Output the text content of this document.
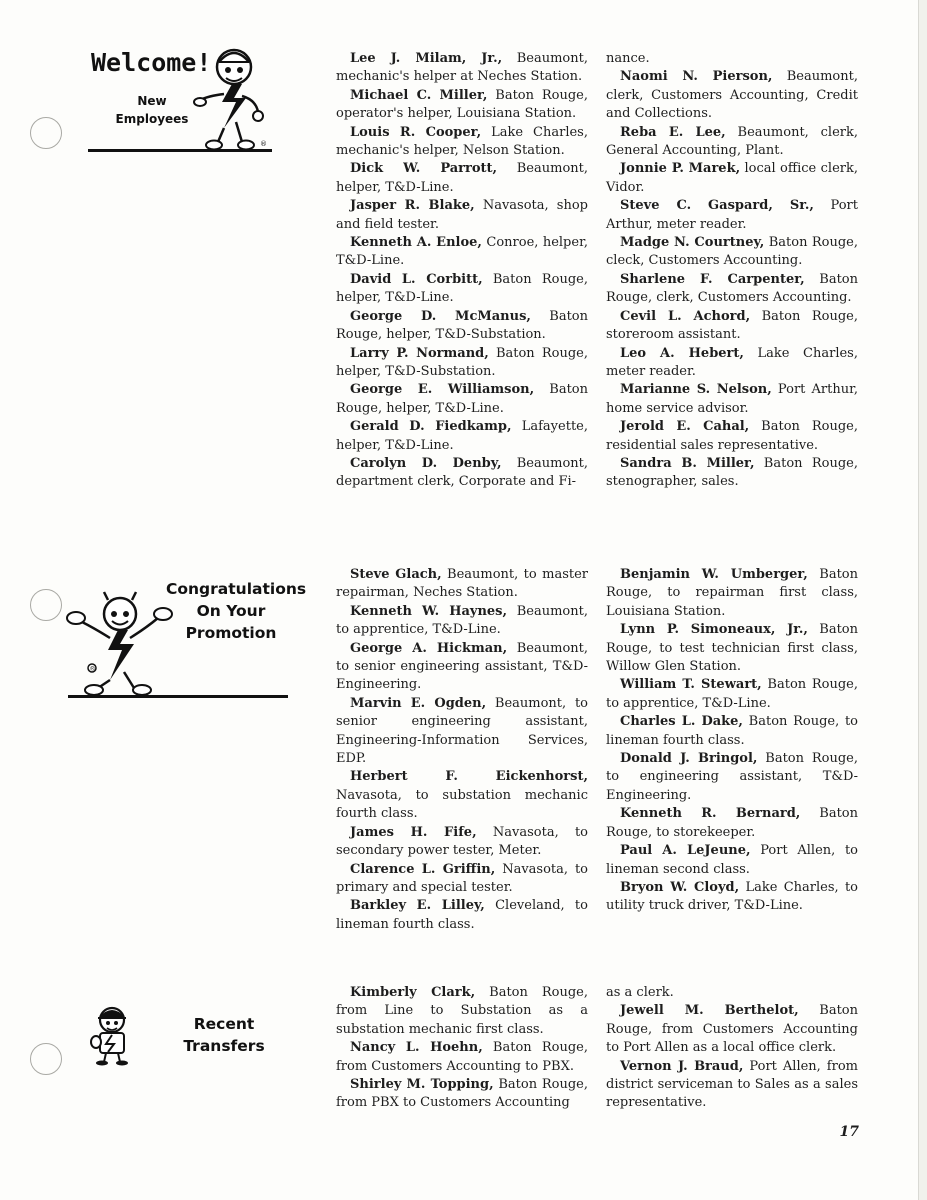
Welcome!
New
Employees
®

Lee J. Milam, Jr., Beaumont, mechanic's helper at Neches Station.

Michael C. Miller, Baton Rouge, operator's helper, Louisiana Station.

Louis R. Cooper, Lake Charles, mechanic's helper, Nelson Station.

Dick W. Parrott, Beaumont, helper, T&D-Line.

Jasper R. Blake, Navasota, shop and field tester.

Kenneth A. Enloe, Conroe, helper, T&D-Line.

David L. Corbitt, Baton Rouge, helper, T&D-Line.

George D. McManus, Baton Rouge, helper, T&D-Substation.

Larry P. Normand, Baton Rouge, helper, T&D-Substation.

George E. Williamson, Baton Rouge, helper, T&D-Line.

Gerald D. Fiedkamp, Lafayette, helper, T&D-Line.

Carolyn D. Denby, Beaumont, department clerk, Corporate and Fi-

nance.

Naomi N. Pierson, Beaumont, clerk, Customers Accounting, Credit and Collections.

Reba E. Lee, Beaumont, clerk, General Accounting, Plant.

Jonnie P. Marek, local office clerk, Vidor.

Steve C. Gaspard, Sr., Port Arthur, meter reader.

Madge N. Courtney, Baton Rouge, cleck, Customers Accounting.

Sharlene F. Carpenter, Baton Rouge, clerk, Customers Accounting.

Cevil L. Achord, Baton Rouge, storeroom assistant.

Leo A. Hebert, Lake Charles, meter reader.

Marianne S. Nelson, Port Arthur, home service advisor.

Jerold E. Cahal, Baton Rouge, residential sales representative.

Sandra B. Miller, Baton Rouge, stenographer, sales.

®
Congratulations
On Your
Promotion

Steve Glach, Beaumont, to master repairman, Neches Station.

Kenneth W. Haynes, Beaumont, to apprentice, T&D-Line.

George A. Hickman, Beaumont, to senior engineering assistant, T&D-Engineering.

Marvin E. Ogden, Beaumont, to senior engineering assistant, Engineering-Information Services, EDP.

Herbert F. Eickenhorst, Navasota, to substation mechanic fourth class.

James H. Fife, Navasota, to secondary power tester, Meter.

Clarence L. Griffin, Navasota, to primary and special tester.

Barkley E. Lilley, Cleveland, to lineman fourth class.

Benjamin W. Umberger, Baton Rouge, to repairman first class, Louisiana Station.

Lynn P. Simoneaux, Jr., Baton Rouge, to test technician first class, Willow Glen Station.

William T. Stewart, Baton Rouge, to apprentice, T&D-Line.

Charles L. Dake, Baton Rouge, to lineman fourth class.

Donald J. Bringol, Baton Rouge, to engineering assistant, T&D-Engineering.

Kenneth R. Bernard, Baton Rouge, to storekeeper.

Paul A. LeJeune, Port Allen, to lineman second class.

Bryon W. Cloyd, Lake Charles, to utility truck driver, T&D-Line.

Recent
Transfers

Kimberly Clark, Baton Rouge, from Line to Substation as a substation mechanic first class.

Nancy L. Hoehn, Baton Rouge, from Customers Accounting to PBX.

Shirley M. Topping, Baton Rouge, from PBX to Customers Accounting

as a clerk.

Jewell M. Berthelot, Baton Rouge, from Customers Accounting to Port Allen as a local office clerk.

Vernon J. Braud, Port Allen, from district serviceman to Sales as a sales representative.

17
